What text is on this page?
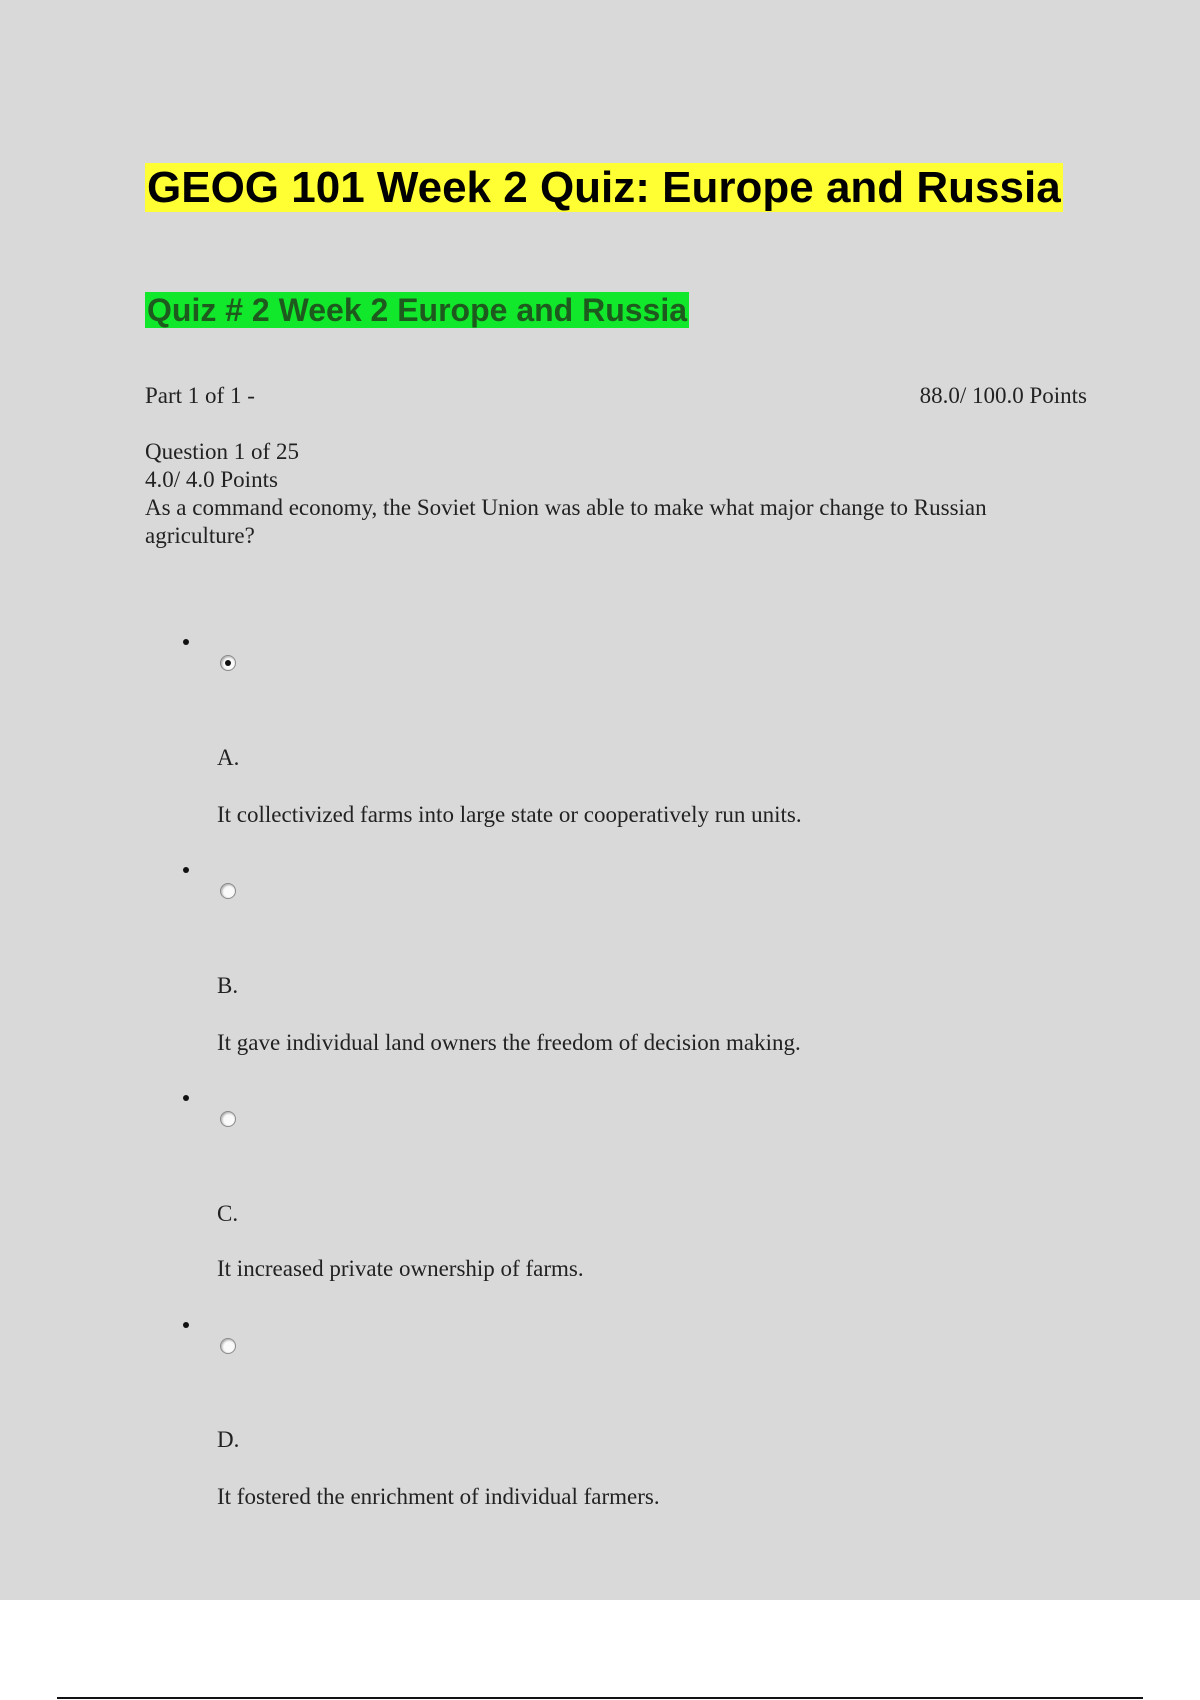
GEOG 101 Week 2 Quiz: Europe and Russia
Quiz # 2 Week 2 Europe and Russia
Part 1 of 1 -	88.0/ 100.0 Points
Question 1 of 25
4.0/ 4.0 Points
As a command economy, the Soviet Union was able to make what major change to Russian agriculture?
A.
It collectivized farms into large state or cooperatively run units.
B.
It gave individual land owners the freedom of decision making.
C.
It increased private ownership of farms.
D.
It fostered the enrichment of individual farmers.
